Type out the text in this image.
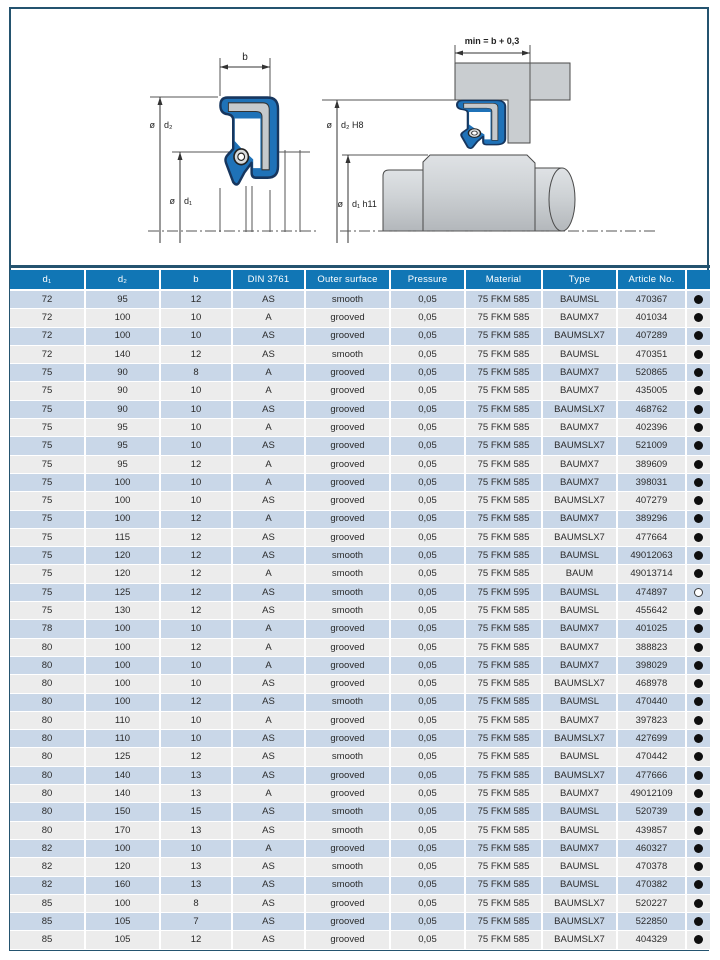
b
ø d₂
ø d₁
min = b + 0,3
ø d₂ H8
ø d₁ h11
d₁	d₂	b	DIN 3761	Outer surface	Pressure	Material	Type	Article No.	
72	95	12	AS	smooth	0,05	75 FKM 585	BAUMSL	470367	
72	100	10	A	grooved	0,05	75 FKM 585	BAUMX7	401034	
72	100	10	AS	grooved	0,05	75 FKM 585	BAUMSLX7	407289	
72	140	12	AS	smooth	0,05	75 FKM 585	BAUMSL	470351	
75	90	8	A	grooved	0,05	75 FKM 585	BAUMX7	520865	
75	90	10	A	grooved	0,05	75 FKM 585	BAUMX7	435005	
75	90	10	AS	grooved	0,05	75 FKM 585	BAUMSLX7	468762	
75	95	10	A	grooved	0,05	75 FKM 585	BAUMX7	402396	
75	95	10	AS	grooved	0,05	75 FKM 585	BAUMSLX7	521009	
75	95	12	A	grooved	0,05	75 FKM 585	BAUMX7	389609	
75	100	10	A	grooved	0,05	75 FKM 585	BAUMX7	398031	
75	100	10	AS	grooved	0,05	75 FKM 585	BAUMSLX7	407279	
75	100	12	A	grooved	0,05	75 FKM 585	BAUMX7	389296	
75	115	12	AS	grooved	0,05	75 FKM 585	BAUMSLX7	477664	
75	120	12	AS	smooth	0,05	75 FKM 585	BAUMSL	49012063	
75	120	12	A	smooth	0,05	75 FKM 585	BAUM	49013714	
75	125	12	AS	smooth	0,05	75 FKM 595	BAUMSL	474897	
75	130	12	AS	smooth	0,05	75 FKM 585	BAUMSL	455642	
78	100	10	A	grooved	0,05	75 FKM 585	BAUMX7	401025	
80	100	12	A	grooved	0,05	75 FKM 585	BAUMX7	388823	
80	100	10	A	grooved	0,05	75 FKM 585	BAUMX7	398029	
80	100	10	AS	grooved	0,05	75 FKM 585	BAUMSLX7	468978	
80	100	12	AS	smooth	0,05	75 FKM 585	BAUMSL	470440	
80	110	10	A	grooved	0,05	75 FKM 585	BAUMX7	397823	
80	110	10	AS	grooved	0,05	75 FKM 585	BAUMSLX7	427699	
80	125	12	AS	smooth	0,05	75 FKM 585	BAUMSL	470442	
80	140	13	AS	grooved	0,05	75 FKM 585	BAUMSLX7	477666	
80	140	13	A	grooved	0,05	75 FKM 585	BAUMX7	49012109	
80	150	15	AS	smooth	0,05	75 FKM 585	BAUMSL	520739	
80	170	13	AS	smooth	0,05	75 FKM 585	BAUMSL	439857	
82	100	10	A	grooved	0,05	75 FKM 585	BAUMX7	460327	
82	120	13	AS	smooth	0,05	75 FKM 585	BAUMSL	470378	
82	160	13	AS	smooth	0,05	75 FKM 585	BAUMSL	470382	
85	100	8	AS	grooved	0,05	75 FKM 585	BAUMSLX7	520227	
85	105	7	AS	grooved	0,05	75 FKM 585	BAUMSLX7	522850	
85	105	12	AS	grooved	0,05	75 FKM 585	BAUMSLX7	404329	
